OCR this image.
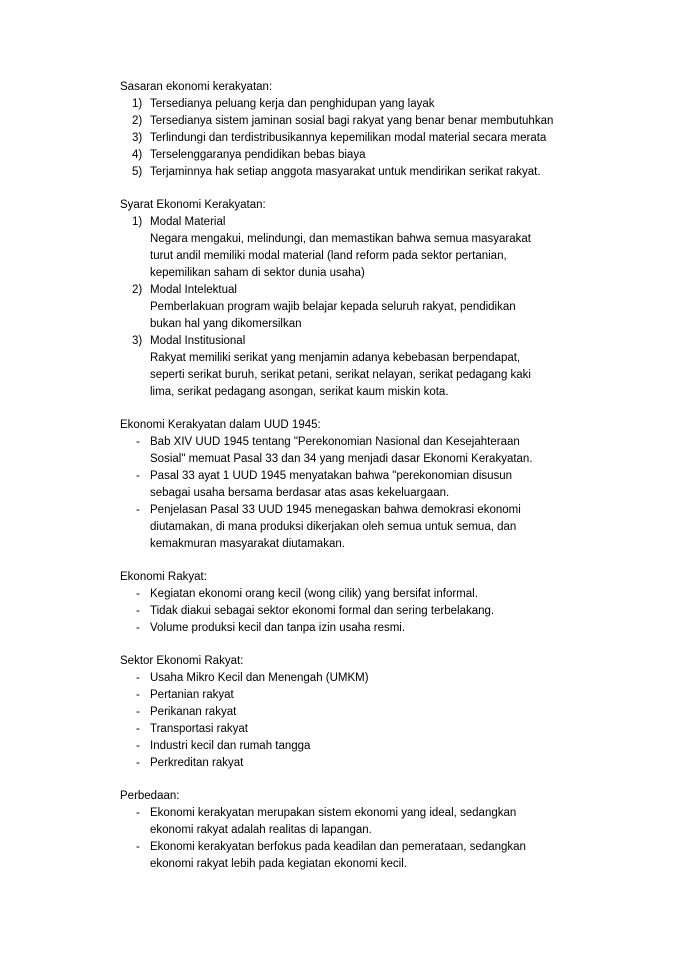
Sasaran ekonomi kerakyatan:
1) Tersedianya peluang kerja dan penghidupan yang layak
2) Tersedianya sistem jaminan sosial bagi rakyat yang benar benar membutuhkan
3) Terlindungi dan terdistribusikannya kepemilikan modal material secara merata
4) Terselenggaranya pendidikan bebas biaya
5) Terjaminnya hak setiap anggota masyarakat untuk mendirikan serikat rakyat.
Syarat Ekonomi Kerakyatan:
1) Modal Material
Negara mengakui, melindungi, dan memastikan bahwa semua masyarakat
turut andil memiliki modal material (land reform pada sektor pertanian,
kepemilikan saham di sektor dunia usaha)
2) Modal Intelektual
Pemberlakuan program wajib belajar kepada seluruh rakyat, pendidikan
bukan hal yang dikomersilkan
3) Modal Institusional
Rakyat memiliki serikat yang menjamin adanya kebebasan berpendapat,
seperti serikat buruh, serikat petani, serikat nelayan, serikat pedagang kaki
lima, serikat pedagang asongan, serikat kaum miskin kota.
Ekonomi Kerakyatan dalam UUD 1945:
- Bab XIV UUD 1945 tentang "Perekonomian Nasional dan Kesejahteraan
Sosial" memuat Pasal 33 dan 34 yang menjadi dasar Ekonomi Kerakyatan.
- Pasal 33 ayat 1 UUD 1945 menyatakan bahwa "perekonomian disusun
sebagai usaha bersama berdasar atas asas kekeluargaan.
- Penjelasan Pasal 33 UUD 1945 menegaskan bahwa demokrasi ekonomi
diutamakan, di mana produksi dikerjakan oleh semua untuk semua, dan
kemakmuran masyarakat diutamakan.
Ekonomi Rakyat:
- Kegiatan ekonomi orang kecil (wong cilik) yang bersifat informal.
- Tidak diakui sebagai sektor ekonomi formal dan sering terbelakang.
- Volume produksi kecil dan tanpa izin usaha resmi.
Sektor Ekonomi Rakyat:
- Usaha Mikro Kecil dan Menengah (UMKM)
- Pertanian rakyat
- Perikanan rakyat
- Transportasi rakyat
- Industri kecil dan rumah tangga
- Perkreditan rakyat
Perbedaan:
- Ekonomi kerakyatan merupakan sistem ekonomi yang ideal, sedangkan
ekonomi rakyat adalah realitas di lapangan.
- Ekonomi kerakyatan berfokus pada keadilan dan pemerataan, sedangkan
ekonomi rakyat lebih pada kegiatan ekonomi kecil.
